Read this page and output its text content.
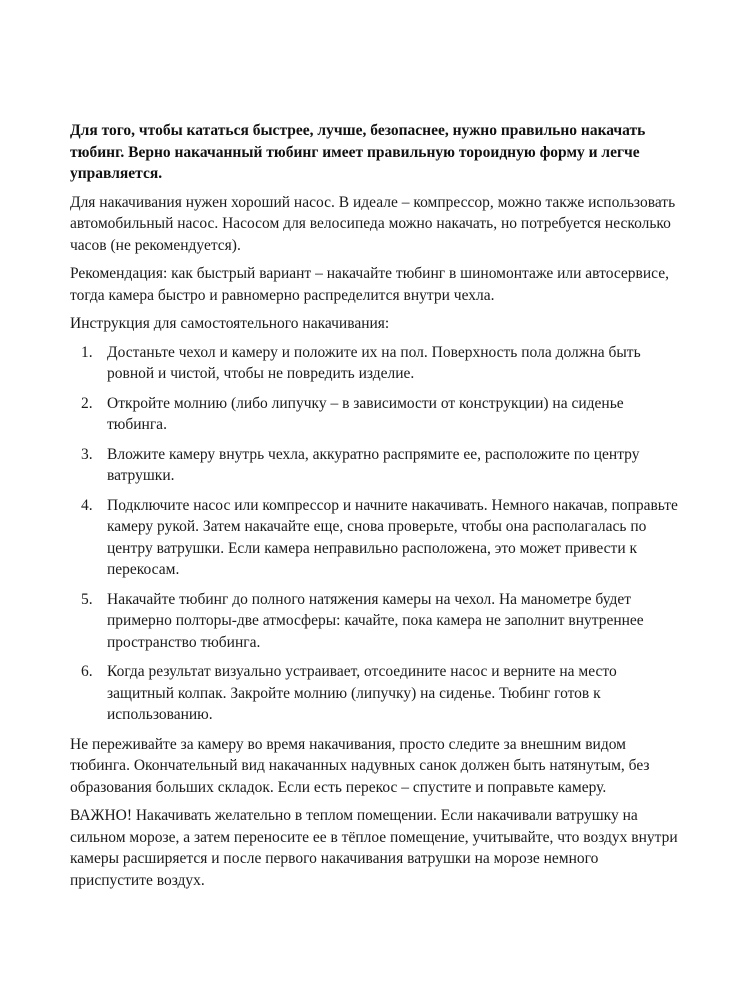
Для того, чтобы кататься быстрее, лучше, безопаснее, нужно правильно накачать тюбинг. Верно накачанный тюбинг имеет правильную тороидную форму и легче управляется.

Для накачивания нужен хороший насос. В идеале – компрессор, можно также использовать автомобильный насос. Насосом для велосипеда можно накачать, но потребуется несколько часов (не рекомендуется).

Рекомендация: как быстрый вариант – накачайте тюбинг в шиномонтаже или автосервисе, тогда камера быстро и равномерно распределится внутри чехла.

Инструкция для самостоятельного накачивания:

1. Достаньте чехол и камеру и положите их на пол. Поверхность пола должна быть ровной и чистой, чтобы не повредить изделие.
2. Откройте молнию (либо липучку – в зависимости от конструкции) на сиденье тюбинга.
3. Вложите камеру внутрь чехла, аккуратно распрямите ее, расположите по центру ватрушки.
4. Подключите насос или компрессор и начните накачивать. Немного накачав, поправьте камеру рукой. Затем накачайте еще, снова проверьте, чтобы она располагалась по центру ватрушки. Если камера неправильно расположена, это может привести к перекосам.
5. Накачайте тюбинг до полного натяжения камеры на чехол. На манометре будет примерно полторы-две атмосферы: качайте, пока камера не заполнит внутреннее пространство тюбинга.
6. Когда результат визуально устраивает, отсоедините насос и верните на место защитный колпак. Закройте молнию (липучку) на сиденье. Тюбинг готов к использованию.

Не переживайте за камеру во время накачивания, просто следите за внешним видом тюбинга. Окончательный вид накачанных надувных санок должен быть натянутым, без образования больших складок. Если есть перекос – спустите и поправьте камеру.

ВАЖНО! Накачивать желательно в теплом помещении. Если накачивали ватрушку на сильном морозе, а затем переносите ее в тёплое помещение, учитывайте, что воздух внутри камеры расширяется и после первого накачивания ватрушки на морозе немного приспустите воздух.
